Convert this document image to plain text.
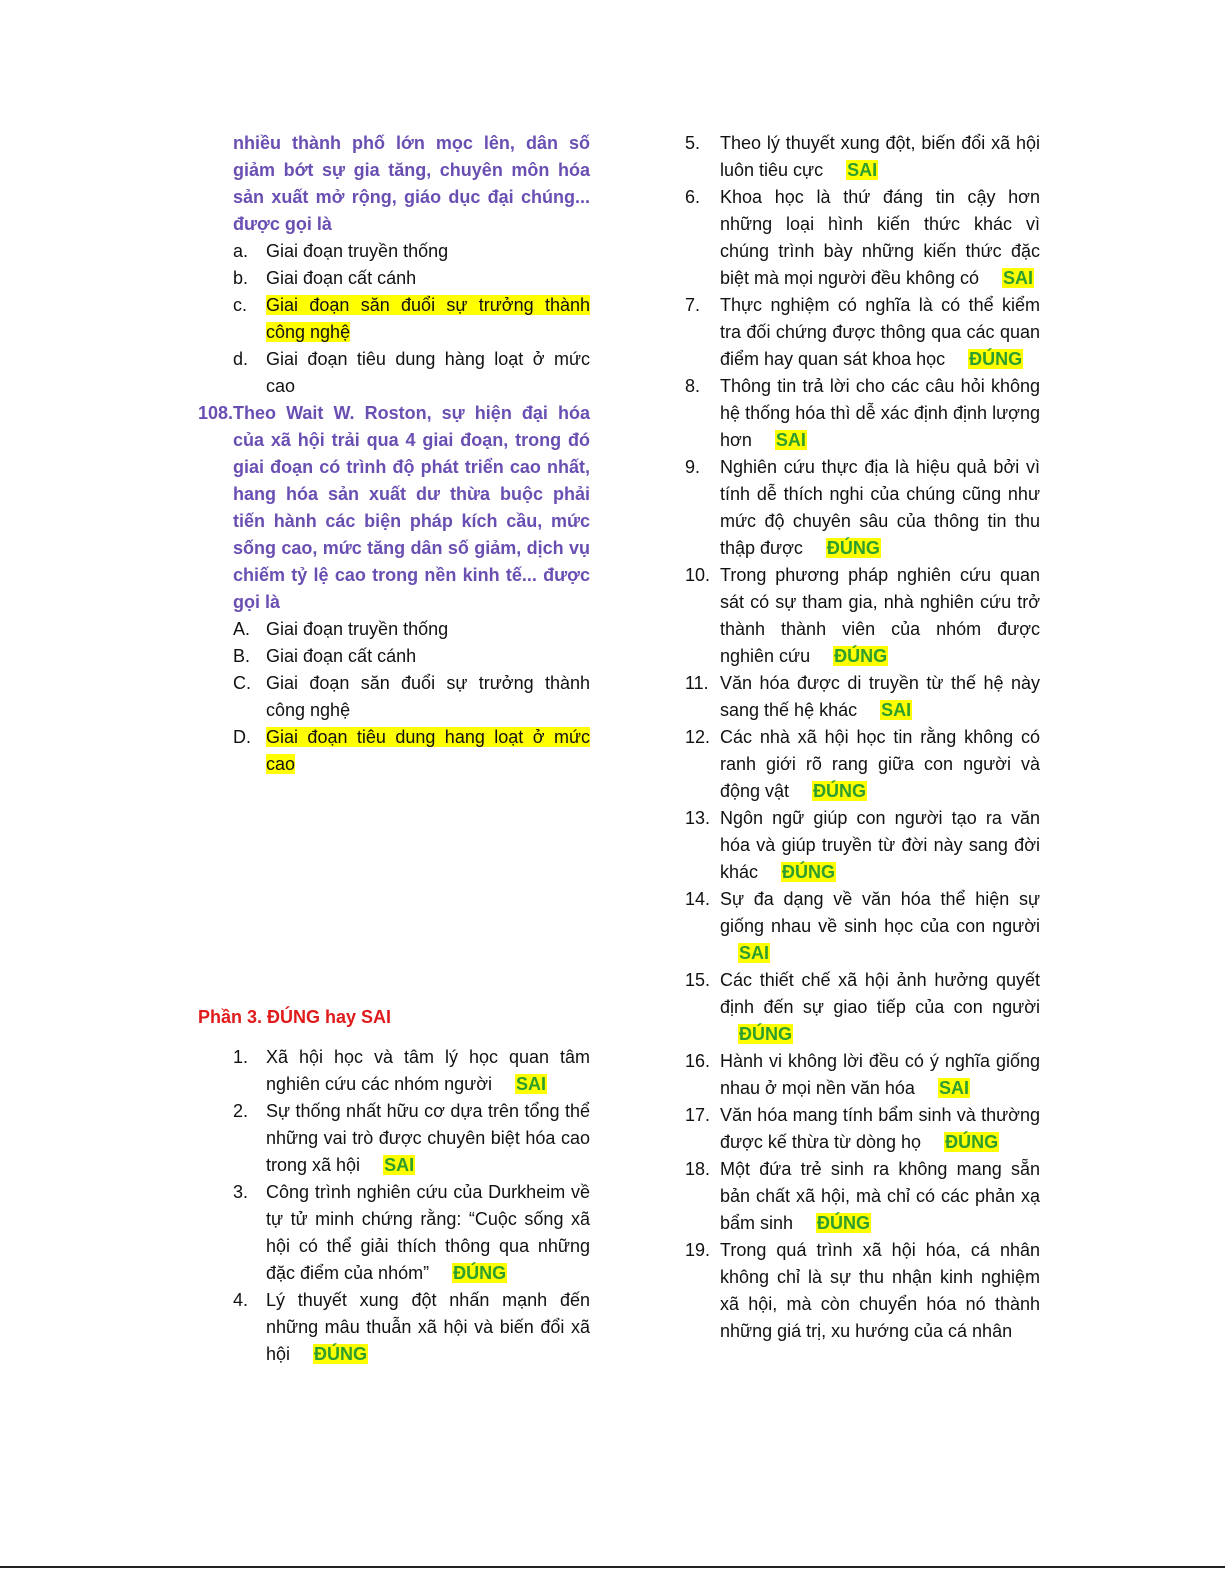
nhiều thành phố lớn mọc lên, dân số giảm bớt sự gia tăng, chuyên môn hóa sản xuất mở rộng, giáo dục đại chúng... được gọi là
a. Giai đoạn truyền thống
b. Giai đoạn cất cánh
c. Giai đoạn săn đuổi sự trưởng thành công nghệ
d. Giai đoạn tiêu dung hàng loạt ở mức cao
108. Theo Wait W. Roston, sự hiện đại hóa của xã hội trải qua 4 giai đoạn, trong đó giai đoạn có trình độ phát triển cao nhất, hang hóa sản xuất dư thừa buộc phải tiến hành các biện pháp kích cầu, mức sống cao, mức tăng dân số giảm, dịch vụ chiếm tỷ lệ cao trong nền kinh tế... được gọi là
A. Giai đoạn truyền thống
B. Giai đoạn cất cánh
C. Giai đoạn săn đuổi sự trưởng thành công nghệ
D. Giai đoạn tiêu dung hang loạt ở mức cao
Phần 3. ĐÚNG hay SAI
1. Xã hội học và tâm lý học quan tâm nghiên cứu các nhóm người SAI
2. Sự thống nhất hữu cơ dựa trên tổng thể những vai trò được chuyên biệt hóa cao trong xã hội SAI
3. Công trình nghiên cứu của Durkheim về tự tử minh chứng rằng: “Cuộc sống xã hội có thể giải thích thông qua những đặc điểm của nhóm” ĐÚNG
4. Lý thuyết xung đột nhấn mạnh đến những mâu thuẫn xã hội và biến đổi xã hội ĐÚNG
5. Theo lý thuyết xung đột, biến đổi xã hội luôn tiêu cực SAI
6. Khoa học là thứ đáng tin cậy hơn những loại hình kiến thức khác vì chúng trình bày những kiến thức đặc biệt mà mọi người đều không có SAI
7. Thực nghiệm có nghĩa là có thể kiểm tra đối chứng được thông qua các quan điểm hay quan sát khoa học ĐÚNG
8. Thông tin trả lời cho các câu hỏi không hệ thống hóa thì dễ xác định định lượng hơn SAI
9. Nghiên cứu thực địa là hiệu quả bởi vì tính dễ thích nghi của chúng cũng như mức độ chuyên sâu của thông tin thu thập được ĐÚNG
10. Trong phương pháp nghiên cứu quan sát có sự tham gia, nhà nghiên cứu trở thành thành viên của nhóm được nghiên cứu ĐÚNG
11. Văn hóa được di truyền từ thế hệ này sang thế hệ khác SAI
12. Các nhà xã hội học tin rằng không có ranh giới rõ rang giữa con người và động vật ĐÚNG
13. Ngôn ngữ giúp con người tạo ra văn hóa và giúp truyền từ đời này sang đời khác ĐÚNG
14. Sự đa dạng về văn hóa thể hiện sự giống nhau về sinh học của con người SAI
15. Các thiết chế xã hội ảnh hưởng quyết định đến sự giao tiếp của con người ĐÚNG
16. Hành vi không lời đều có ý nghĩa giống nhau ở mọi nền văn hóa SAI
17. Văn hóa mang tính bẩm sinh và thường được kế thừa từ dòng họ ĐÚNG
18. Một đứa trẻ sinh ra không mang sẵn bản chất xã hội, mà chỉ có các phản xạ bẩm sinh ĐÚNG
19. Trong quá trình xã hội hóa, cá nhân không chỉ là sự thu nhận kinh nghiệm xã hội, mà còn chuyển hóa nó thành những giá trị, xu hướng của cá nhân
